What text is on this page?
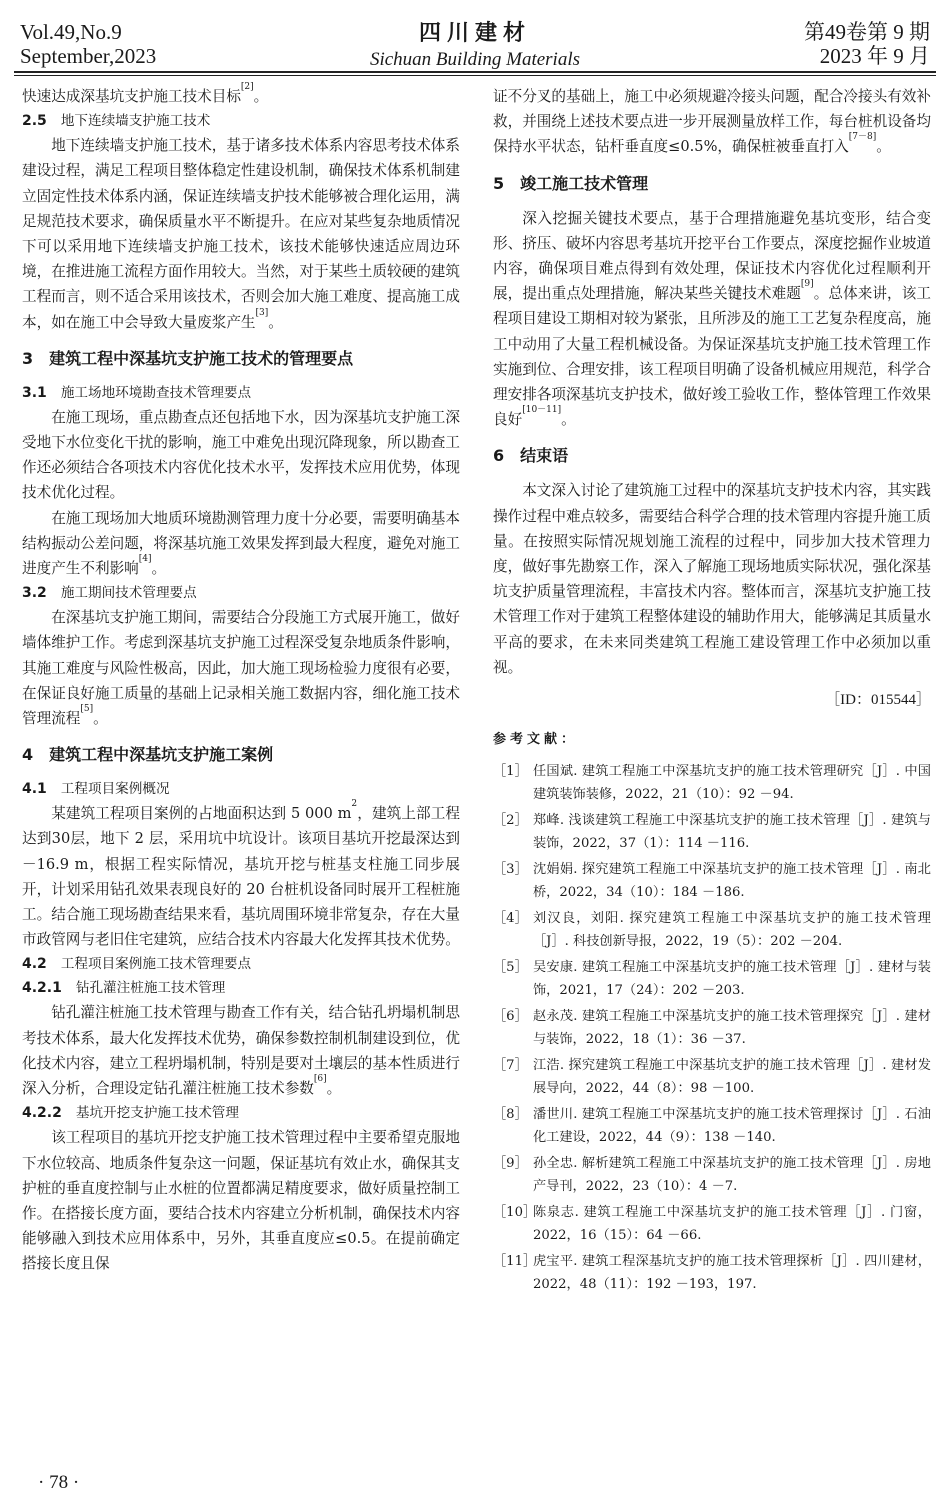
Vol.49,No.9
September,2023
四川建材
Sichuan Building Materials
第49卷第 9 期
2023 年 9 月

快速达成深基坑支护施工技术目标[2]。

2.5 地下连续墙支护施工技术

地下连续墙支护施工技术，基于诸多技术体系内容思考技术体系建设过程，满足工程项目整体稳定性建设机制，确保技术体系机制建立固定性技术体系内涵，保证连续墙支护技术能够被合理化运用，满足规范技术要求，确保质量水平不断提升。在应对某些复杂地质情况下可以采用地下连续墙支护施工技术，该技术能够快速适应周边环境，在推进施工流程方面作用较大。当然，对于某些土质较硬的建筑工程而言，则不适合采用该技术，否则会加大施工难度、提高施工成本，如在施工中会导致大量废浆产生[3]。

3　建筑工程中深基坑支护施工技术的管理要点
3.1 施工场地环境勘查技术管理要点

在施工现场，重点勘查点还包括地下水，因为深基坑支护施工深受地下水位变化干扰的影响，施工中难免出现沉降现象，所以勘查工作还必须结合各项技术内容优化技术水平，发挥技术应用优势，体现技术优化过程。

在施工现场加大地质环境勘测管理力度十分必要，需要明确基本结构振动公差问题，将深基坑施工效果发挥到最大程度，避免对施工进度产生不利影响[4]。

3.2 施工期间技术管理要点

在深基坑支护施工期间，需要结合分段施工方式展开施工，做好墙体维护工作。考虑到深基坑支护施工过程深受复杂地质条件影响，其施工难度与风险性极高，因此，加大施工现场检验力度很有必要，在保证良好施工质量的基础上记录相关施工数据内容，细化施工技术管理流程[5]。

4　建筑工程中深基坑支护施工案例
4.1 工程项目案例概况

某建筑工程项目案例的占地面积达到 5 000 $m^2$，建筑上部工程达到30层，地下 2 层，采用坑中坑设计。该项目基坑开挖最深达到 －16.9 m，根据工程实际情况，基坑开挖与桩基支柱施工同步展开，计划采用钻孔效果表现良好的 20 台桩机设备同时展开工程桩施工。结合施工现场勘查结果来看，基坑周围环境非常复杂，存在大量市政管网与老旧住宅建筑，应结合技术内容最大化发挥其技术优势。

4.2 工程项目案例施工技术管理要点
4.2.1 钻孔灌注桩施工技术管理

钻孔灌注桩施工技术管理与勘查工作有关，结合钻孔坍塌机制思考技术体系，最大化发挥技术优势，确保参数控制机制建设到位，优化技术内容，建立工程坍塌机制，特别是要对土壤层的基本性质进行深入分析，合理设定钻孔灌注桩施工技术参数[6]。

4.2.2 基坑开挖支护施工技术管理

该工程项目的基坑开挖支护施工技术管理过程中主要希望克服地下水位较高、地质条件复杂这一问题，保证基坑有效止水，确保其支护桩的垂直度控制与止水桩的位置都满足精度要求，做好质量控制工作。在搭接长度方面，要结合技术内容建立分析机制，确保技术内容能够融入到技术应用体系中，另外，其垂直度应≤0.5。在提前确定搭接长度且保

证不分叉的基础上，施工中必须规避冷接头问题，配合冷接头有效补救，并围绕上述技术要点进一步开展测量放样工作，每台桩机设备均保持水平状态，钻杆垂直度≤0.5%，确保桩被垂直打入[7－8]。

5　竣工施工技术管理

深入挖掘关键技术要点，基于合理措施避免基坑变形，结合变形、挤压、破坏内容思考基坑开挖平台工作要点，深度挖掘作业坡道内容，确保项目难点得到有效处理，保证技术内容优化过程顺利开展，提出重点处理措施，解决某些关键技术难题[9]。总体来讲，该工程项目建设工期相对较为紧张，且所涉及的施工工艺复杂程度高，施工中动用了大量工程机械设备。为保证深基坑支护施工技术管理工作实施到位、合理安排，该工程项目明确了设备机械应用规范，科学合理安排各项深基坑支护技术，做好竣工验收工作，整体管理工作效果良好[10－11]。

6　结束语

本文深入讨论了建筑施工过程中的深基坑支护技术内容，其实践操作过程中难点较多，需要结合科学合理的技术管理内容提升施工质量。在按照实际情况规划施工流程的过程中，同步加大技术管理力度，做好事先勘察工作，深入了解施工现场地质实际状况，强化深基坑支护质量管理流程，丰富技术内容。整体而言，深基坑支护施工技术管理工作对于建筑工程整体建设的辅助作用大，能够满足其质量水平高的要求，在未来同类建筑工程施工建设管理工作中必须加以重视。

［ID：015544］
参考文献：
［1］ 任国斌. 建筑工程施工中深基坑支护的施工技术管理研究［J］. 中国建筑装饰装修，2022，21（10）：92 －94.
［2］ 郑峰. 浅谈建筑工程施工中深基坑支护的施工技术管理［J］. 建筑与装饰，2022，37（1）：114 －116.
［3］ 沈娟娟. 探究建筑工程施工中深基坑支护的施工技术管理［J］. 南北桥，2022，34（10）：184 －186.
［4］ 刘汉良，刘阳. 探究建筑工程施工中深基坑支护的施工技术管理［J］. 科技创新导报，2022，19（5）：202 －204.
［5］ 吴安康. 建筑工程施工中深基坑支护的施工技术管理［J］. 建材与装饰，2021，17（24）：202 －203.
［6］ 赵永茂. 建筑工程施工中深基坑支护的施工技术管理探究［J］. 建材与装饰，2022，18（1）：36 －37.
［7］ 江浩. 探究建筑工程施工中深基坑支护的施工技术管理［J］. 建材发展导向，2022，44（8）：98 －100.
［8］ 潘世川. 建筑工程施工中深基坑支护的施工技术管理探讨［J］. 石油化工建设，2022，44（9）：138 －140.
［9］ 孙全忠. 解析建筑工程施工中深基坑支护的施工技术管理［J］. 房地产导刊，2022，23（10）：4 －7.
［10］
陈泉志. 建筑工程施工中深基坑支护的施工技术管理［J］. 门窗，2022，16（15）：64 －66.
［11］
虎宝平. 建筑工程深基坑支护的施工技术管理探析［J］. 四川建材，2022，48（11）：192 －193，197.
· 78 ·
